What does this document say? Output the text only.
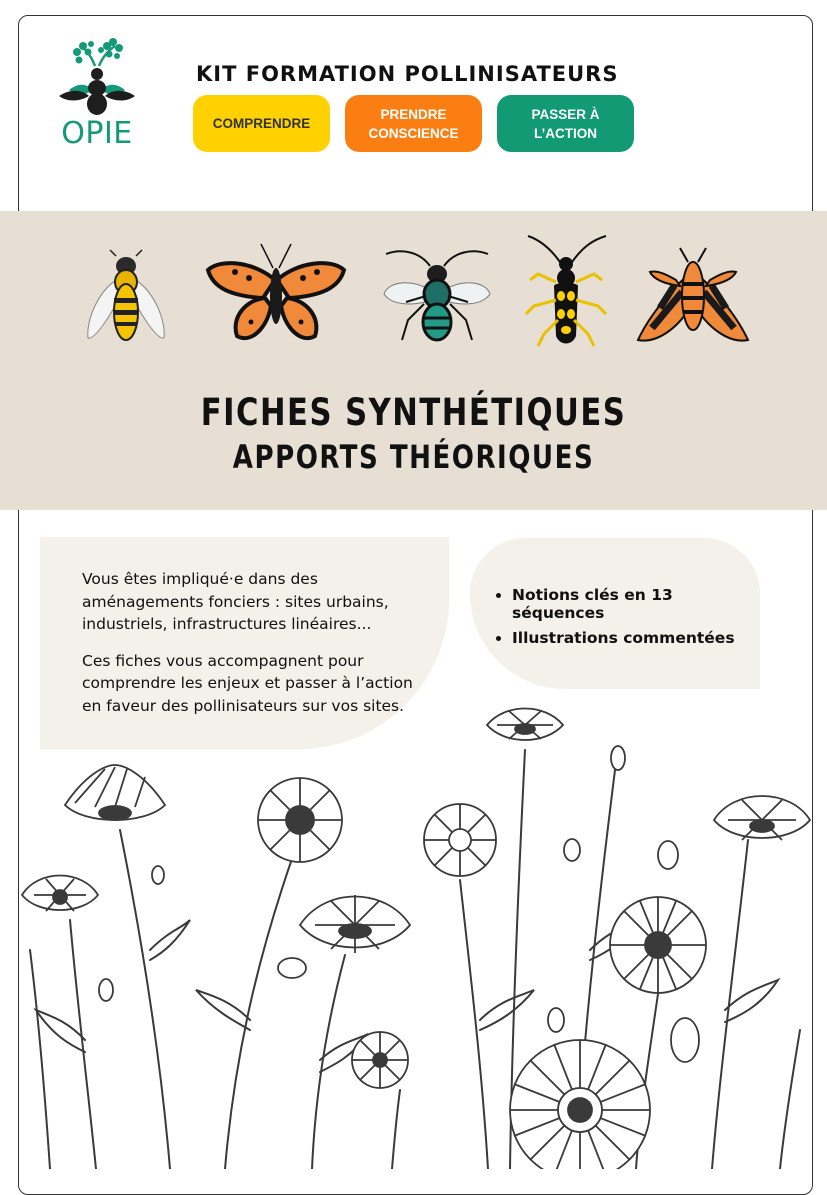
OPIE
KIT FORMATION POLLINISATEURS
COMPRENDRE
PRENDRE CONSCIENCE
PASSER À L’ACTION
FICHES SYNTHÉTIQUES
APPORTS THÉORIQUES

Vous êtes impliqué·e dans des aménagements fonciers : sites urbains, industriels, infrastructures linéaires...

Ces fiches vous accompagnent pour comprendre les enjeux et passer à l’action en faveur des pollinisateurs sur vos sites.

• Notions clés en 13 séquences
• Illustrations commentées
